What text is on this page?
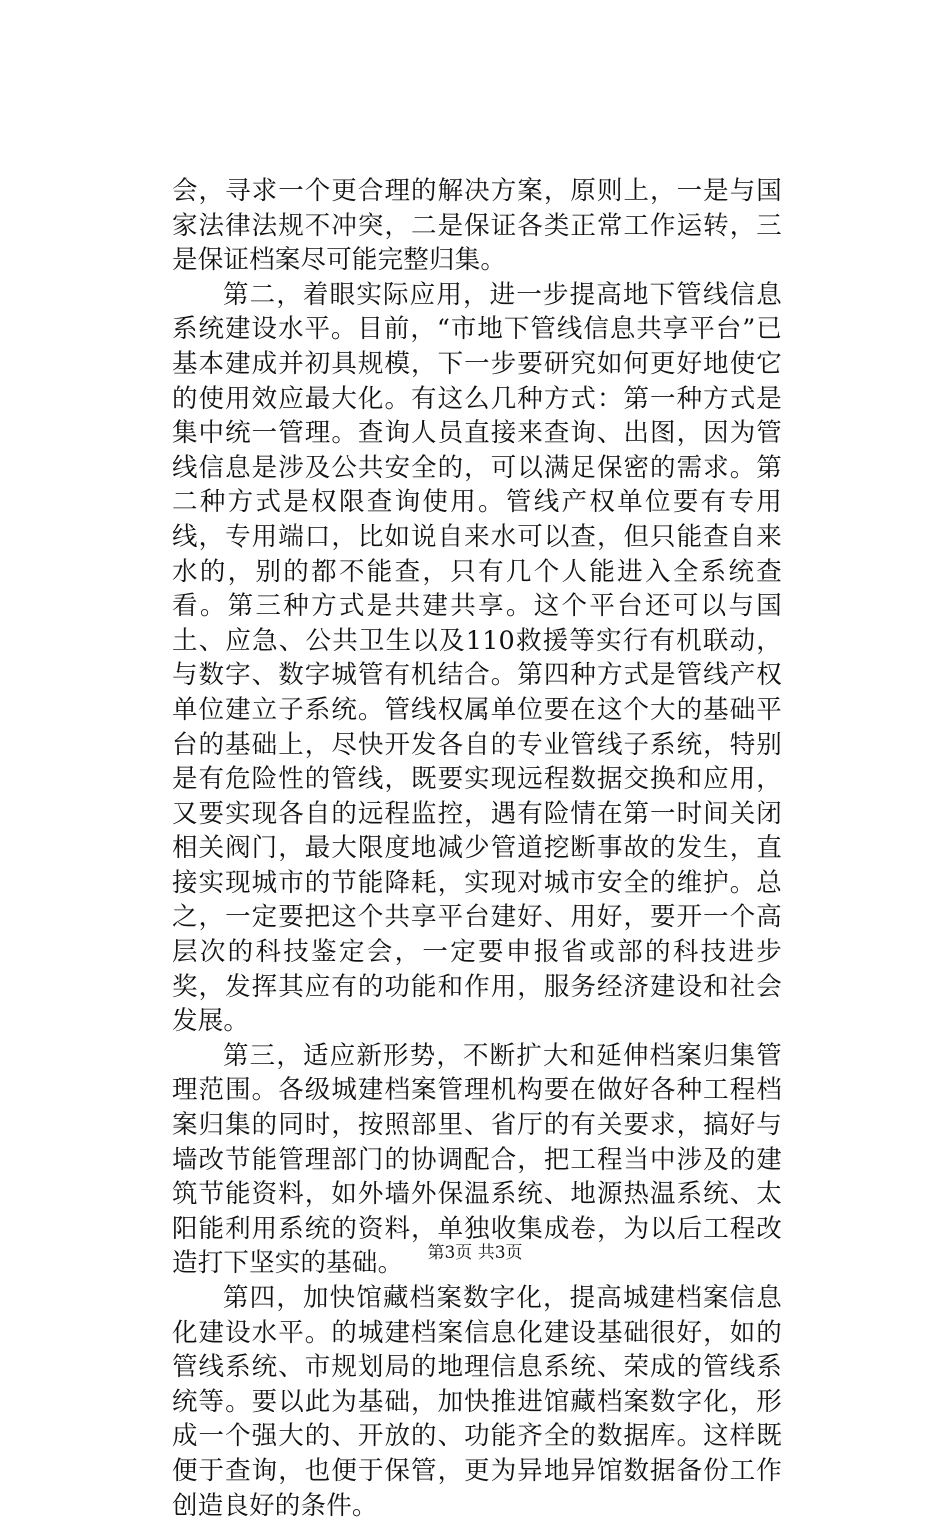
会，寻求一个更合理的解决方案，原则上，一是与国家法律法规不冲突，二是保证各类正常工作运转，三是保证档案尽可能完整归集。

第二，着眼实际应用，进一步提高地下管线信息系统建设水平。目前，“市地下管线信息共享平台”已基本建成并初具规模，下一步要研究如何更好地使它的使用效应最大化。有这么几种方式：第一种方式是集中统一管理。查询人员直接来查询、出图，因为管线信息是涉及公共安全的，可以满足保密的需求。第二种方式是权限查询使用。管线产权单位要有专用线，专用端口，比如说自来水可以查，但只能查自来水的，别的都不能查，只有几个人能进入全系统查看。第三种方式是共建共享。这个平台还可以与国土、应急、公共卫生以及110救援等实行有机联动，与数字、数字城管有机结合。第四种方式是管线产权单位建立子系统。管线权属单位要在这个大的基础平台的基础上，尽快开发各自的专业管线子系统，特别是有危险性的管线，既要实现远程数据交换和应用，又要实现各自的远程监控，遇有险情在第一时间关闭相关阀门，最大限度地减少管道挖断事故的发生，直接实现城市的节能降耗，实现对城市安全的维护。总之，一定要把这个共享平台建好、用好，要开一个高层次的科技鉴定会，一定要申报省或部的科技进步奖，发挥其应有的功能和作用，服务经济建设和社会发展。

第三，适应新形势，不断扩大和延伸档案归集管理范围。各级城建档案管理机构要在做好各种工程档案归集的同时，按照部里、省厅的有关要求，搞好与墙改节能管理部门的协调配合，把工程当中涉及的建筑节能资料，如外墙外保温系统、地源热温系统、太阳能利用系统的资料，单独收集成卷，为以后工程改造打下坚实的基础。

第四，加快馆藏档案数字化，提高城建档案信息化建设水平。的城建档案信息化建设基础很好，如的管线系统、市规划局的地理信息系统、荣成的管线系统等。要以此为基础，加快推进馆藏档案数字化，形成一个强大的、开放的、功能齐全的数据库。这样既便于查询，也便于保管，更为异地异馆数据备份工作创造良好的条件。

第3页 共3页
